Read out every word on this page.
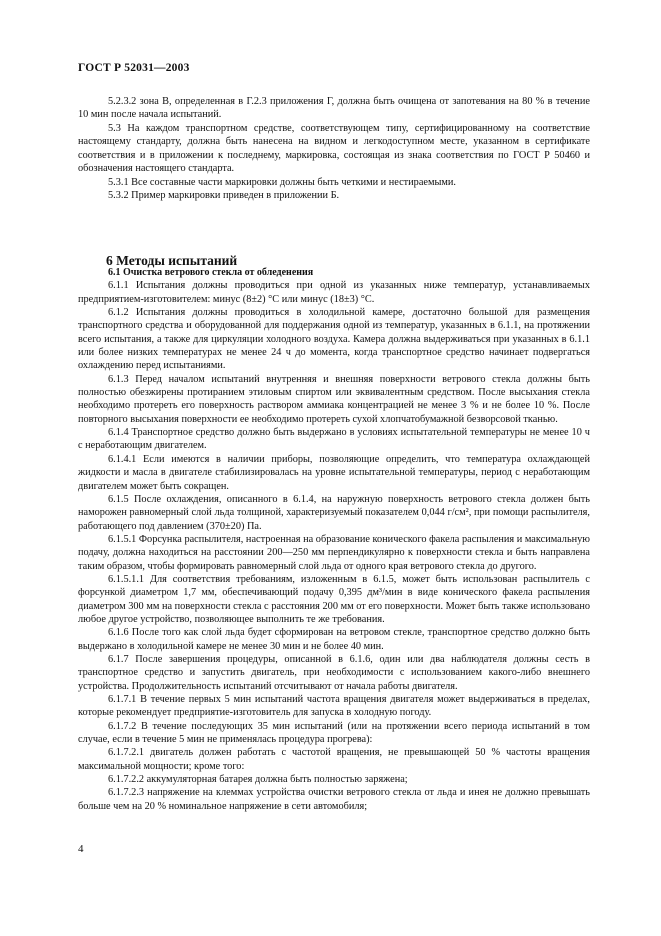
ГОСТ Р 52031—2003

5.2.3.2 зона В, определенная в Г.2.3 приложения Г, должна быть очищена от запотевания на 80 % в течение 10 мин после начала испытаний.

5.3 На каждом транспортном средстве, соответствующем типу, сертифицированному на соответствие настоящему стандарту, должна быть нанесена на видном и легкодоступном месте, указанном в сертификате соответствия и в приложении к последнему, маркировка, состоящая из знака соответствия по ГОСТ Р 50460 и обозначения настоящего стандарта.

5.3.1 Все составные части маркировки должны быть четкими и нестираемыми.

5.3.2 Пример маркировки приведен в приложении Б.

6 Методы испытаний

6.1 Очистка ветрового стекла от обледенения

6.1.1 Испытания должны проводиться при одной из указанных ниже температур, устанавливаемых предприятием-изготовителем: минус (8±2) °С или минус (18±3) °С.

6.1.2 Испытания должны проводиться в холодильной камере, достаточно большой для размещения транспортного средства и оборудованной для поддержания одной из температур, указанных в 6.1.1, на протяжении всего испытания, а также для циркуляции холодного воздуха. Камера должна выдерживаться при указанных в 6.1.1 или более низких температурах не менее 24 ч до момента, когда транспортное средство начинает подвергаться охлаждению перед испытаниями.

6.1.3 Перед началом испытаний внутренняя и внешняя поверхности ветрового стекла должны быть полностью обезжирены протиранием этиловым спиртом или эквивалентным средством. После высыхания стекла необходимо протереть его поверхность раствором аммиака концентрацией не менее 3 % и не более 10 %. После повторного высыхания поверхности ее необходимо протереть сухой хлопчатобумажной безворсовой тканью.

6.1.4 Транспортное средство должно быть выдержано в условиях испытательной температуры не менее 10 ч с неработающим двигателем.

6.1.4.1 Если имеются в наличии приборы, позволяющие определить, что температура охлаждающей жидкости и масла в двигателе стабилизировалась на уровне испытательной температуры, период с неработающим двигателем может быть сокращен.

6.1.5 После охлаждения, описанного в 6.1.4, на наружную поверхность ветрового стекла должен быть наморожен равномерный слой льда толщиной, характеризуемый показателем 0,044 г/см², при помощи распылителя, работающего под давлением (370±20) Па.

6.1.5.1 Форсунка распылителя, настроенная на образование конического факела распыления и максимальную подачу, должна находиться на расстоянии 200—250 мм перпендикулярно к поверхности стекла и быть направлена таким образом, чтобы формировать равномерный слой льда от одного края ветрового стекла до другого.

6.1.5.1.1 Для соответствия требованиям, изложенным в 6.1.5, может быть использован распылитель с форсункой диаметром 1,7 мм, обеспечивающий подачу 0,395 дм³/мин в виде конического факела распыления диаметром 300 мм на поверхности стекла с расстояния 200 мм от его поверхности. Может быть также использовано любое другое устройство, позволяющее выполнить те же требования.

6.1.6 После того как слой льда будет сформирован на ветровом стекле, транспортное средство должно быть выдержано в холодильной камере не менее 30 мин и не более 40 мин.

6.1.7 После завершения процедуры, описанной в 6.1.6, один или два наблюдателя должны сесть в транспортное средство и запустить двигатель, при необходимости с использованием какого-либо внешнего устройства. Продолжительность испытаний отсчитывают от начала работы двигателя.

6.1.7.1 В течение первых 5 мин испытаний частота вращения двигателя может выдерживаться в пределах, которые рекомендует предприятие-изготовитель для запуска в холодную погоду.

6.1.7.2 В течение последующих 35 мин испытаний (или на протяжении всего периода испытаний в том случае, если в течение 5 мин не применялась процедура прогрева):

6.1.7.2.1 двигатель должен работать с частотой вращения, не превышающей 50 % частоты вращения максимальной мощности; кроме того:

6.1.7.2.2 аккумуляторная батарея должна быть полностью заряжена;

6.1.7.2.3 напряжение на клеммах устройства очистки ветрового стекла от льда и инея не должно превышать больше чем на 20 % номинальное напряжение в сети автомобиля;

4
